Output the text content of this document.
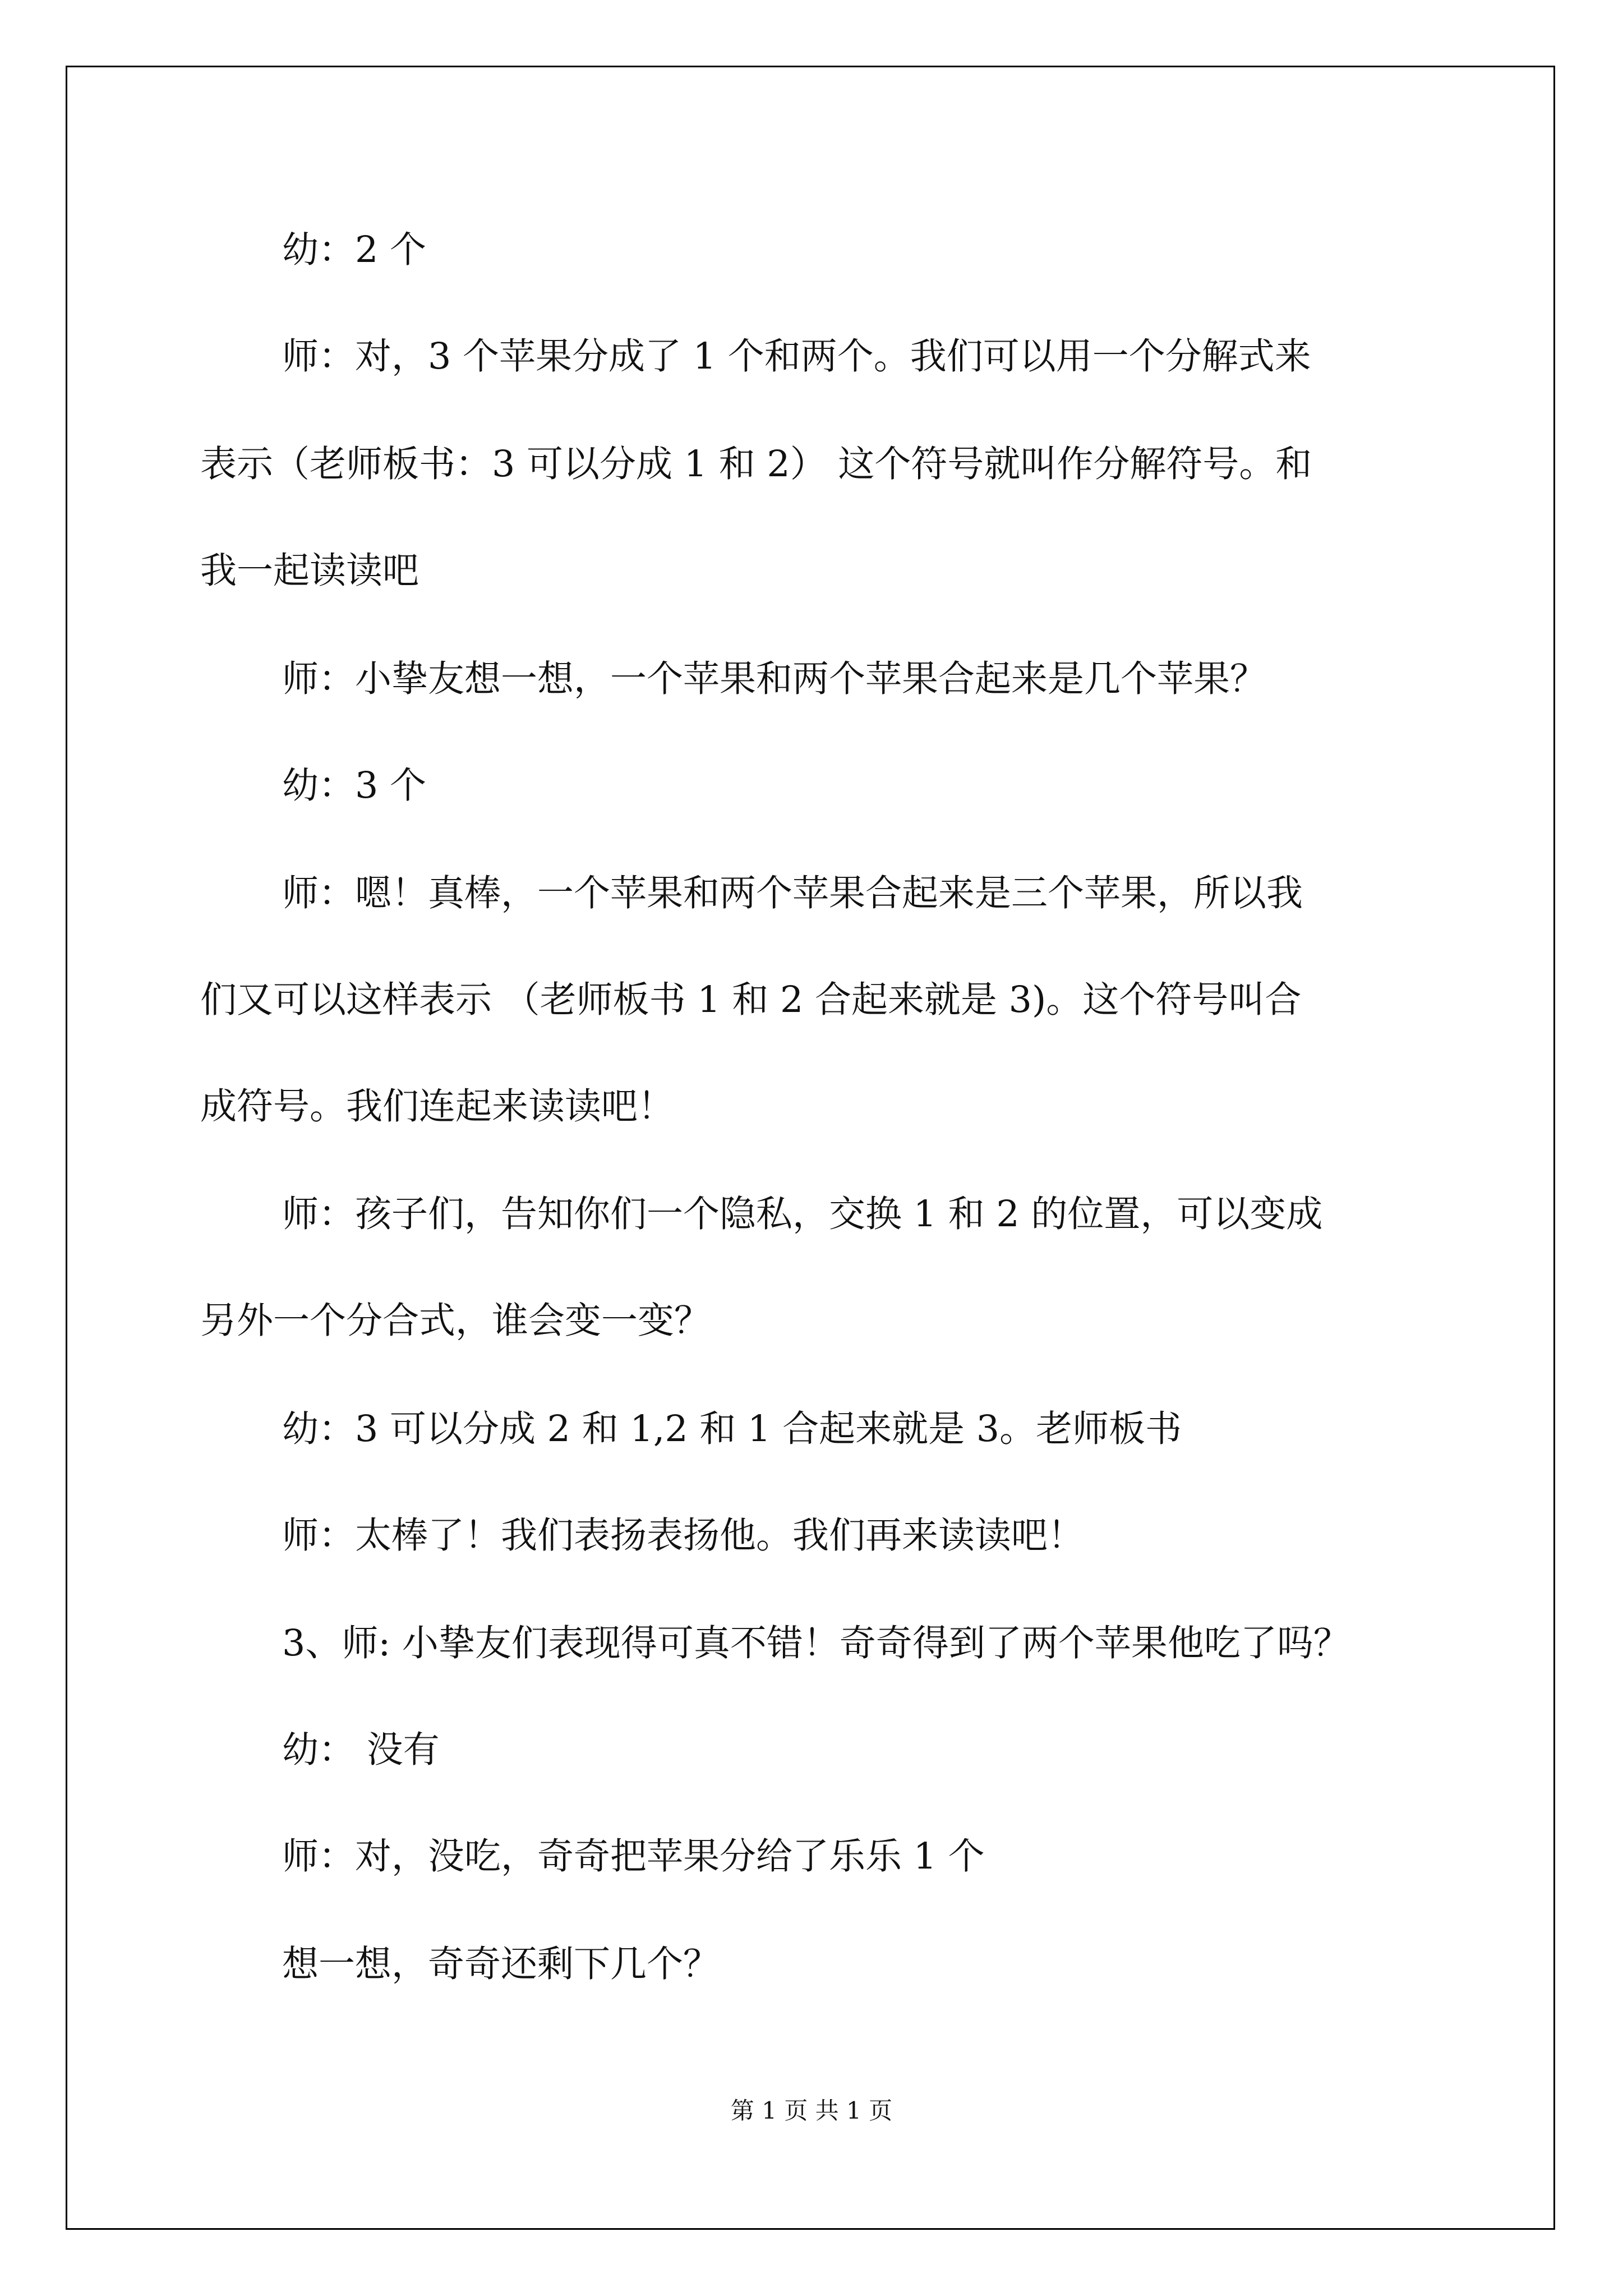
幼：2 个

师：对，3 个苹果分成了 1 个和两个。我们可以用一个分解式来

表示（老师板书：3 可以分成 1 和 2） 这个符号就叫作分解符号。和

我一起读读吧

师：小挚友想一想，一个苹果和两个苹果合起来是几个苹果？

幼：3 个

师：嗯！真棒，一个苹果和两个苹果合起来是三个苹果，所以我

们又可以这样表示 （老师板书 1 和 2 合起来就是 3)。这个符号叫合

成符号。我们连起来读读吧！

师：孩子们，告知你们一个隐私，交换 1 和 2 的位置，可以变成

另外一个分合式，谁会变一变？

幼：3 可以分成 2 和 1,2 和 1 合起来就是 3。老师板书

师：太棒了！我们表扬表扬他。我们再来读读吧！

3、师: 小挚友们表现得可真不错！奇奇得到了两个苹果他吃了吗？

幼： 没有

师：对，没吃，奇奇把苹果分给了乐乐 1 个

想一想，奇奇还剩下几个？

第 1 页 共 1 页
